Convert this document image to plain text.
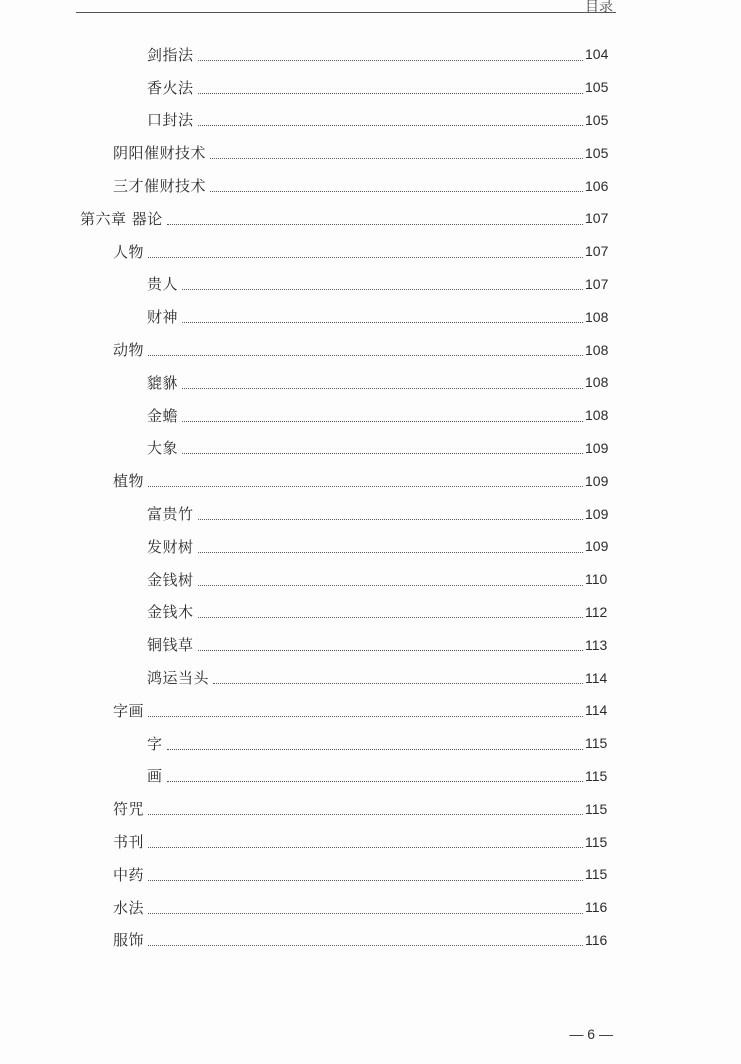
目录
剑指法	104
香火法	105
口封法	105
阴阳催财技术	105
三才催财技术	106
第六章 器论	107
人物	107
贵人	107
财神	108
动物	108
貔貅	108
金蟾	108
大象	109
植物	109
富贵竹	109
发财树	109
金钱树	110
金钱木	112
铜钱草	113
鸿运当头	114
字画	114
字	115
画	115
符咒	115
书刊	115
中药	115
水法	116
服饰	116
— 6 —
